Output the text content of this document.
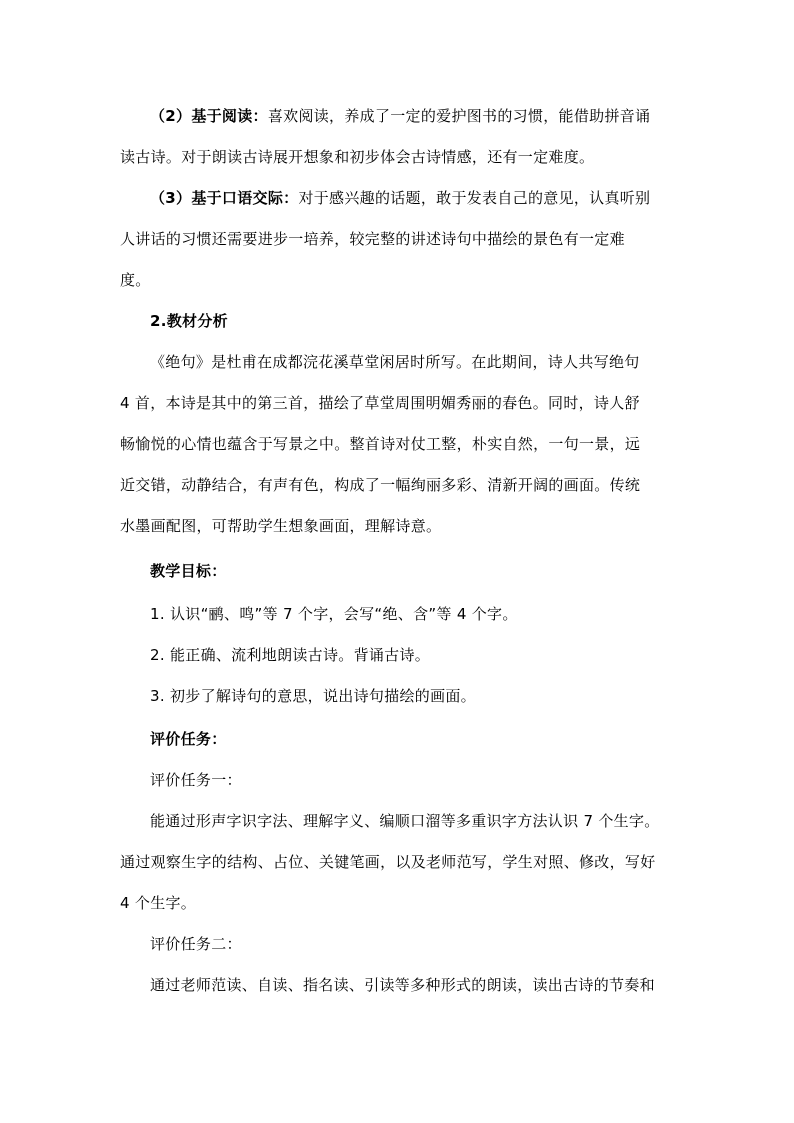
（2）基于阅读：喜欢阅读，养成了一定的爱护图书的习惯，能借助拼音诵
读古诗。对于朗读古诗展开想象和初步体会古诗情感，还有一定难度。
（3）基于口语交际：对于感兴趣的话题，敢于发表自己的意见，认真听别
人讲话的习惯还需要进步一培养，较完整的讲述诗句中描绘的景色有一定难
度。
2.教材分析
《绝句》是杜甫在成都浣花溪草堂闲居时所写。在此期间，诗人共写绝句
4 首，本诗是其中的第三首，描绘了草堂周围明媚秀丽的春色。同时，诗人舒
畅愉悦的心情也蕴含于写景之中。整首诗对仗工整，朴实自然，一句一景，远
近交错，动静结合，有声有色，构成了一幅绚丽多彩、清新开阔的画面。传统
水墨画配图，可帮助学生想象画面，理解诗意。
教学目标：
1. 认识“鹂、鸣”等 7 个字，会写“绝、含”等 4 个字。
2. 能正确、流利地朗读古诗。背诵古诗。
3. 初步了解诗句的意思，说出诗句描绘的画面。
评价任务：
评价任务一：
能通过形声字识字法、理解字义、编顺口溜等多重识字方法认识 7 个生字。
通过观察生字的结构、占位、关键笔画，以及老师范写，学生对照、修改，写好
4 个生字。
评价任务二：
通过老师范读、自读、指名读、引读等多种形式的朗读，读出古诗的节奏和
